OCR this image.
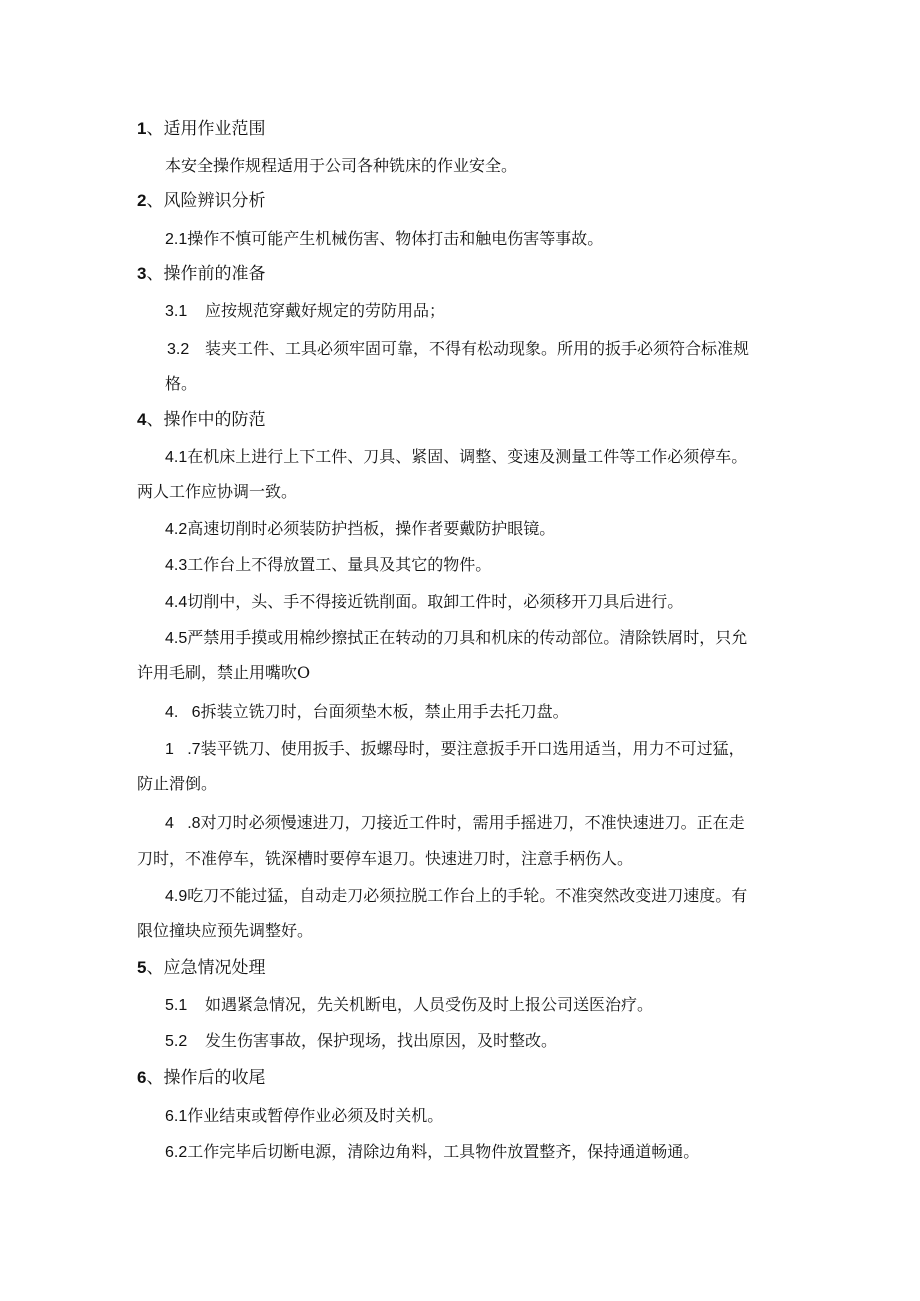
1、适用作业范围
本安全操作规程适用于公司各种铣床的作业安全。
2、风险辨识分析
2.1操作不慎可能产生机械伤害、物体打击和触电伤害等事故。
3、操作前的准备
3.1 应按规范穿戴好规定的劳防用品；
3.2 装夹工件、工具必须牢固可靠，不得有松动现象。所用的扳手必须符合标准规
格。
4、操作中的防范
4.1在机床上进行上下工件、刀具、紧固、调整、变速及测量工件等工作必须停车。
两人工作应协调一致。
4.2高速切削时必须装防护挡板，操作者要戴防护眼镜。
4.3工作台上不得放置工、量具及其它的物件。
4.4切削中，头、手不得接近铣削面。取卸工件时，必须移开刀具后进行。
4.5严禁用手摸或用棉纱擦拭正在转动的刀具和机床的传动部位。清除铁屑时，只允
许用毛刷，禁止用嘴吹O
4.   6拆装立铣刀时，台面须垫木板，禁止用手去托刀盘。
1   .7装平铣刀、使用扳手、扳螺母时，要注意扳手开口选用适当，用力不可过猛，
防止滑倒。
4   .8对刀时必须慢速进刀，刀接近工件时，需用手摇进刀，不准快速进刀。正在走
刀时，不准停车，铣深槽时要停车退刀。快速进刀时，注意手柄伤人。
4.9吃刀不能过猛，自动走刀必须拉脱工作台上的手轮。不准突然改变进刀速度。有
限位撞块应预先调整好。
5、应急情况处理
5.1 如遇紧急情况，先关机断电，人员受伤及时上报公司送医治疗。
5.2 发生伤害事故，保护现场，找出原因，及时整改。
6、操作后的收尾
6.1作业结束或暂停作业必须及时关机。
6.2工作完毕后切断电源，清除边角料，工具物件放置整齐，保持通道畅通。
